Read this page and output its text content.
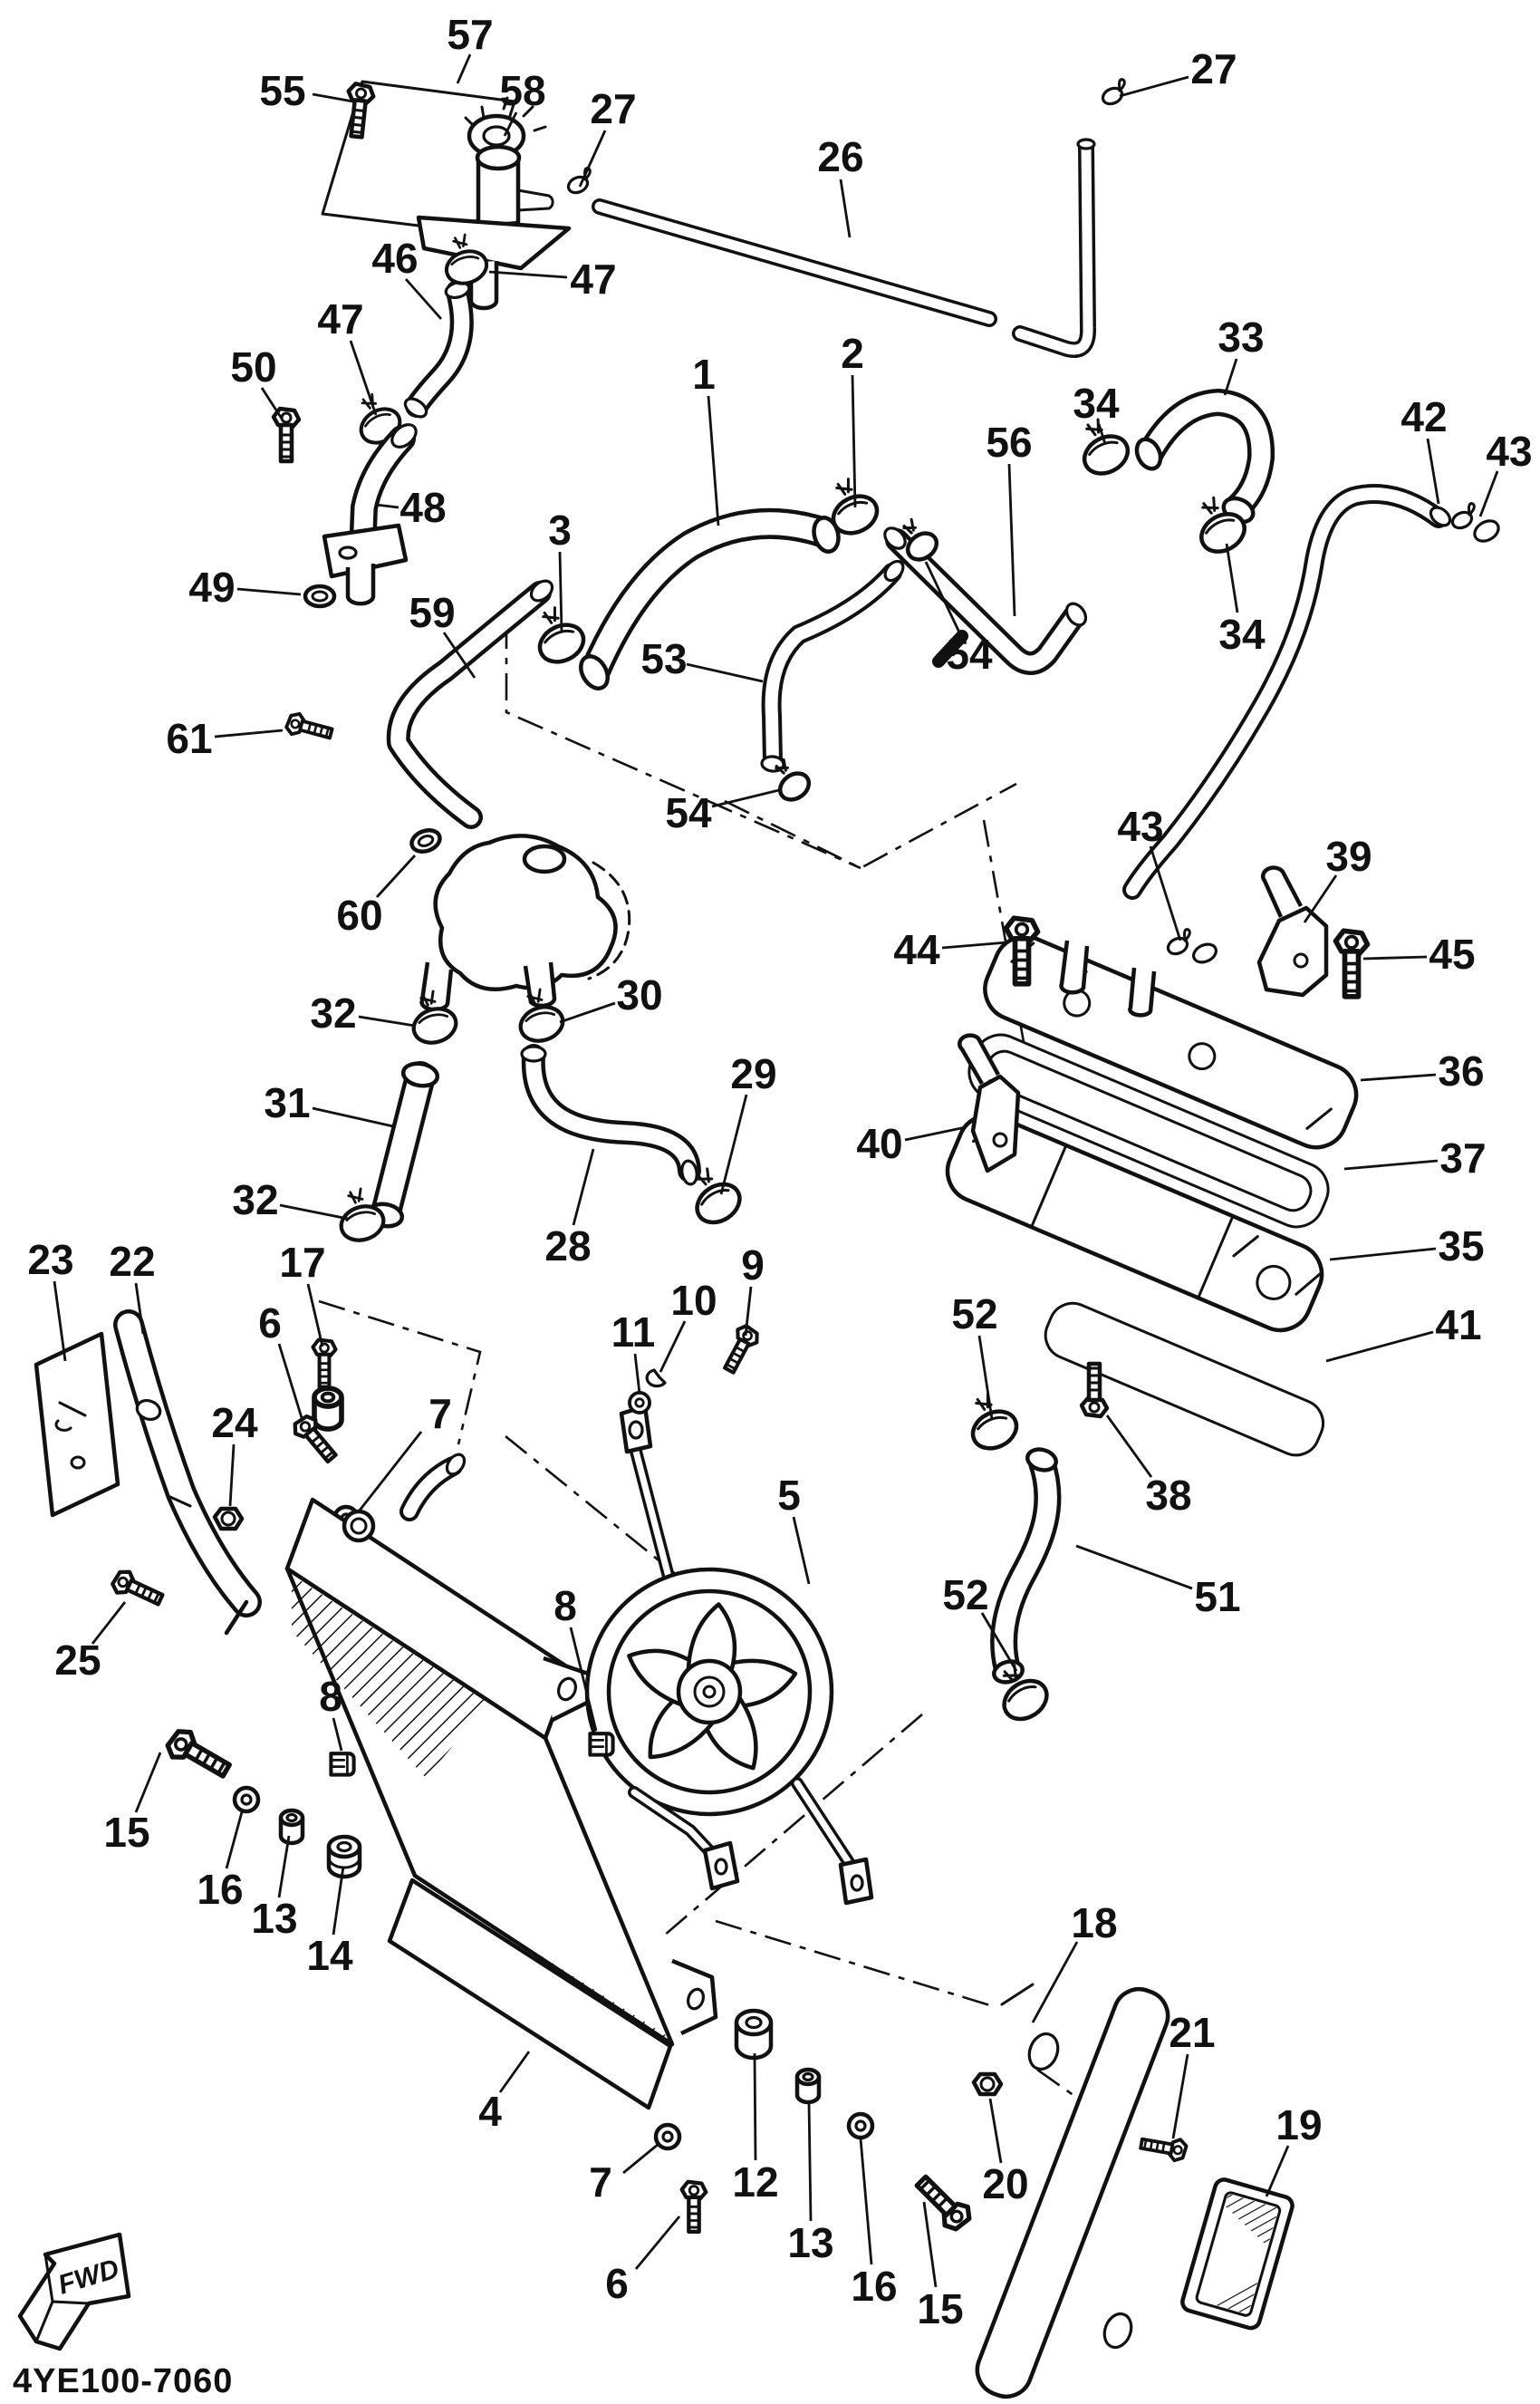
FWD
4YE100-7060
57
55	58 27
26
27
46	47
47
50
48
2
1
56
34
33
42
43
3
49
59
53	54	34
61
54	43
39
60
44	45
32	30
40
36
31
29
37
32
28	35
23 22	17	9
10
11	52	41
6
24	7
38
25
5
8	52	51
8
15
16
13
14
4
18
21
19
20
7	12
13
16 15
6
